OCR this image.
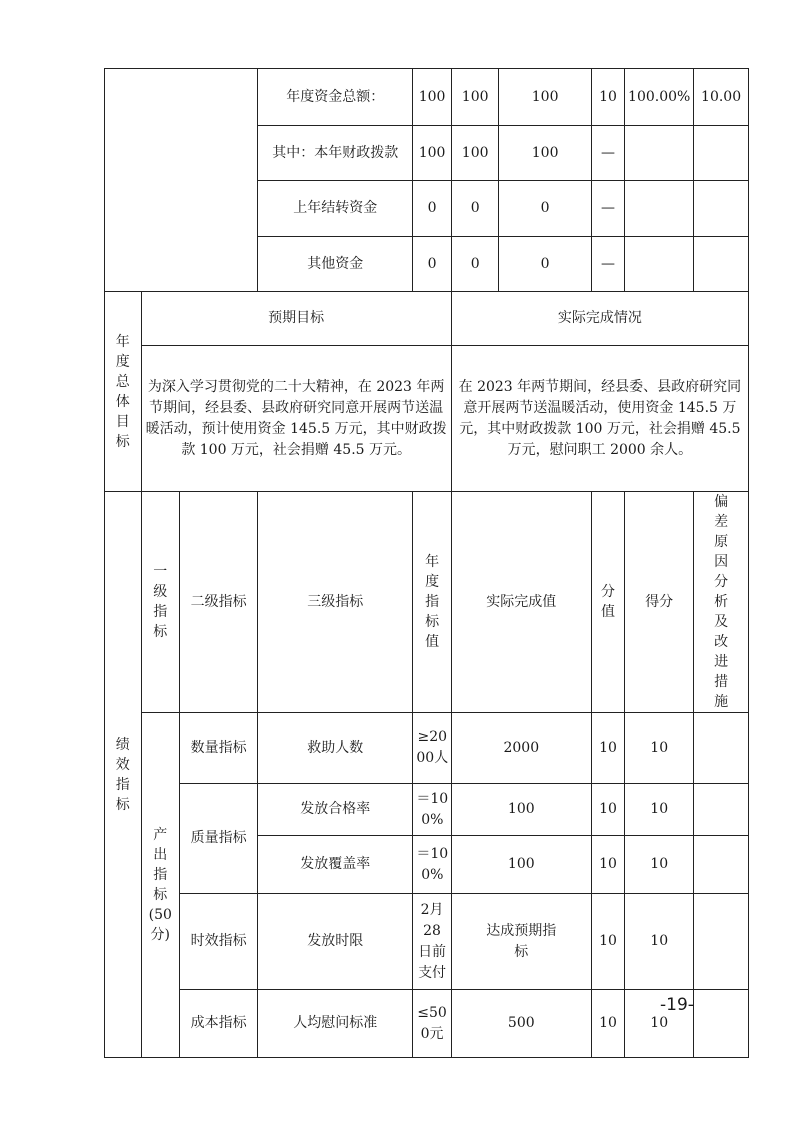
			年度资金总额：	100	100	100	10	100.00%	10.00
			其中：本年财政拨款	100	100	100	—		
			上年结转资金	0	0	0	—		
			其他资金	0	0	0	—		

年度总体目标	预期目标				实际完成情况				
	为深入学习贯彻党的二十大精神，在 2023 年两节期间，经县委、县政府研究同意开展两节送温暖活动，预计使用资金 145.5 万元，其中财政拨款 100 万元，社会捐赠 45.5 万元。				在 2023 年两节期间，经县委、县政府研究同意开展两节送温暖活动，使用资金 145.5 万元，其中财政拨款 100 万元，社会捐赠 45.5 万元，慰问职工 2000 余人。				

绩效指标	一级指标	二级指标	三级指标	年度指标值	实际完成值		分值	得分	偏差原因分析及改进措施

	产出指标(50分)	数量指标	救助人数	≥2000人	2000		10	10	
		质量指标	发放合格率	＝100%	100		10	10	
			发放覆盖率	＝100%	100		10	10	
		时效指标	发放时限	2月28日前支付	达成预期指标		10	10	
		成本指标	人均慰问标准	≤500元	500		10	10	
-19-
